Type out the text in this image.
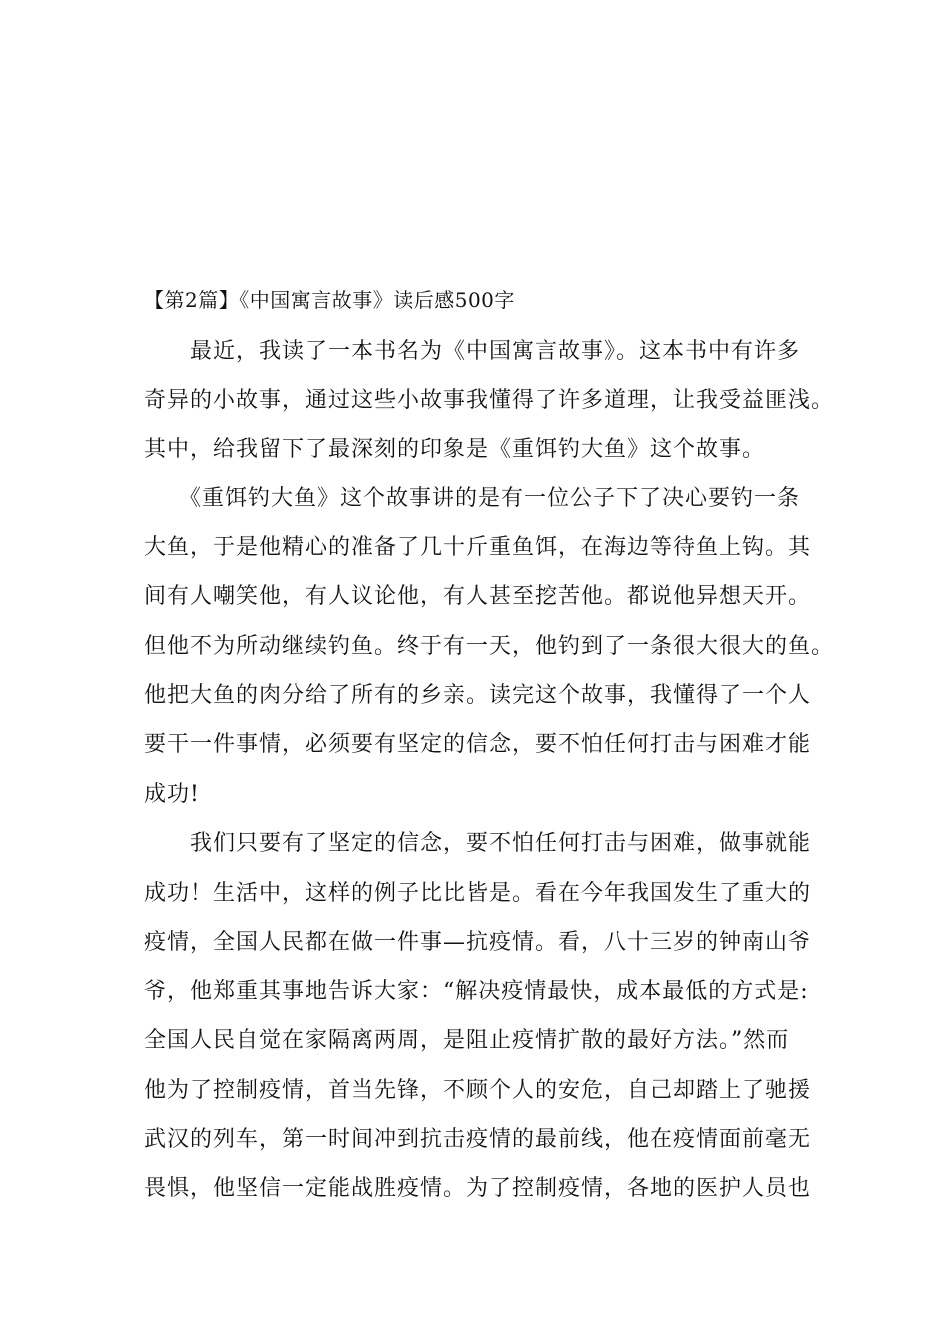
【第2篇】《中国寓言故事》读后感500字
　　最近，我读了一本书名为《中国寓言故事》。这本书中有许多
奇异的小故事，通过这些小故事我懂得了许多道理，让我受益匪浅。
其中，给我留下了最深刻的印象是《重饵钓大鱼》这个故事。
　　《重饵钓大鱼》这个故事讲的是有一位公子下了决心要钓一条
大鱼，于是他精心的准备了几十斤重鱼饵，在海边等待鱼上钩。其
间有人嘲笑他，有人议论他，有人甚至挖苦他。都说他异想天开。
但他不为所动继续钓鱼。终于有一天，他钓到了一条很大很大的鱼。
他把大鱼的肉分给了所有的乡亲。读完这个故事，我懂得了一个人
要干一件事情，必须要有坚定的信念，要不怕任何打击与困难才能
成功!
　　我们只要有了坚定的信念，要不怕任何打击与困难，做事就能
成功！生活中，这样的例子比比皆是。看在今年我国发生了重大的
疫情，全国人民都在做一件事—抗疫情。看，八十三岁的钟南山爷
爷，他郑重其事地告诉大家：“解决疫情最快，成本最低的方式是:
全国人民自觉在家隔离两周，是阻止疫情扩散的最好方法。”然而
他为了控制疫情，首当先锋，不顾个人的安危，自己却踏上了驰援
武汉的列车，第一时间冲到抗击疫情的最前线，他在疫情面前毫无
畏惧，他坚信一定能战胜疫情。为了控制疫情，各地的医护人员也
